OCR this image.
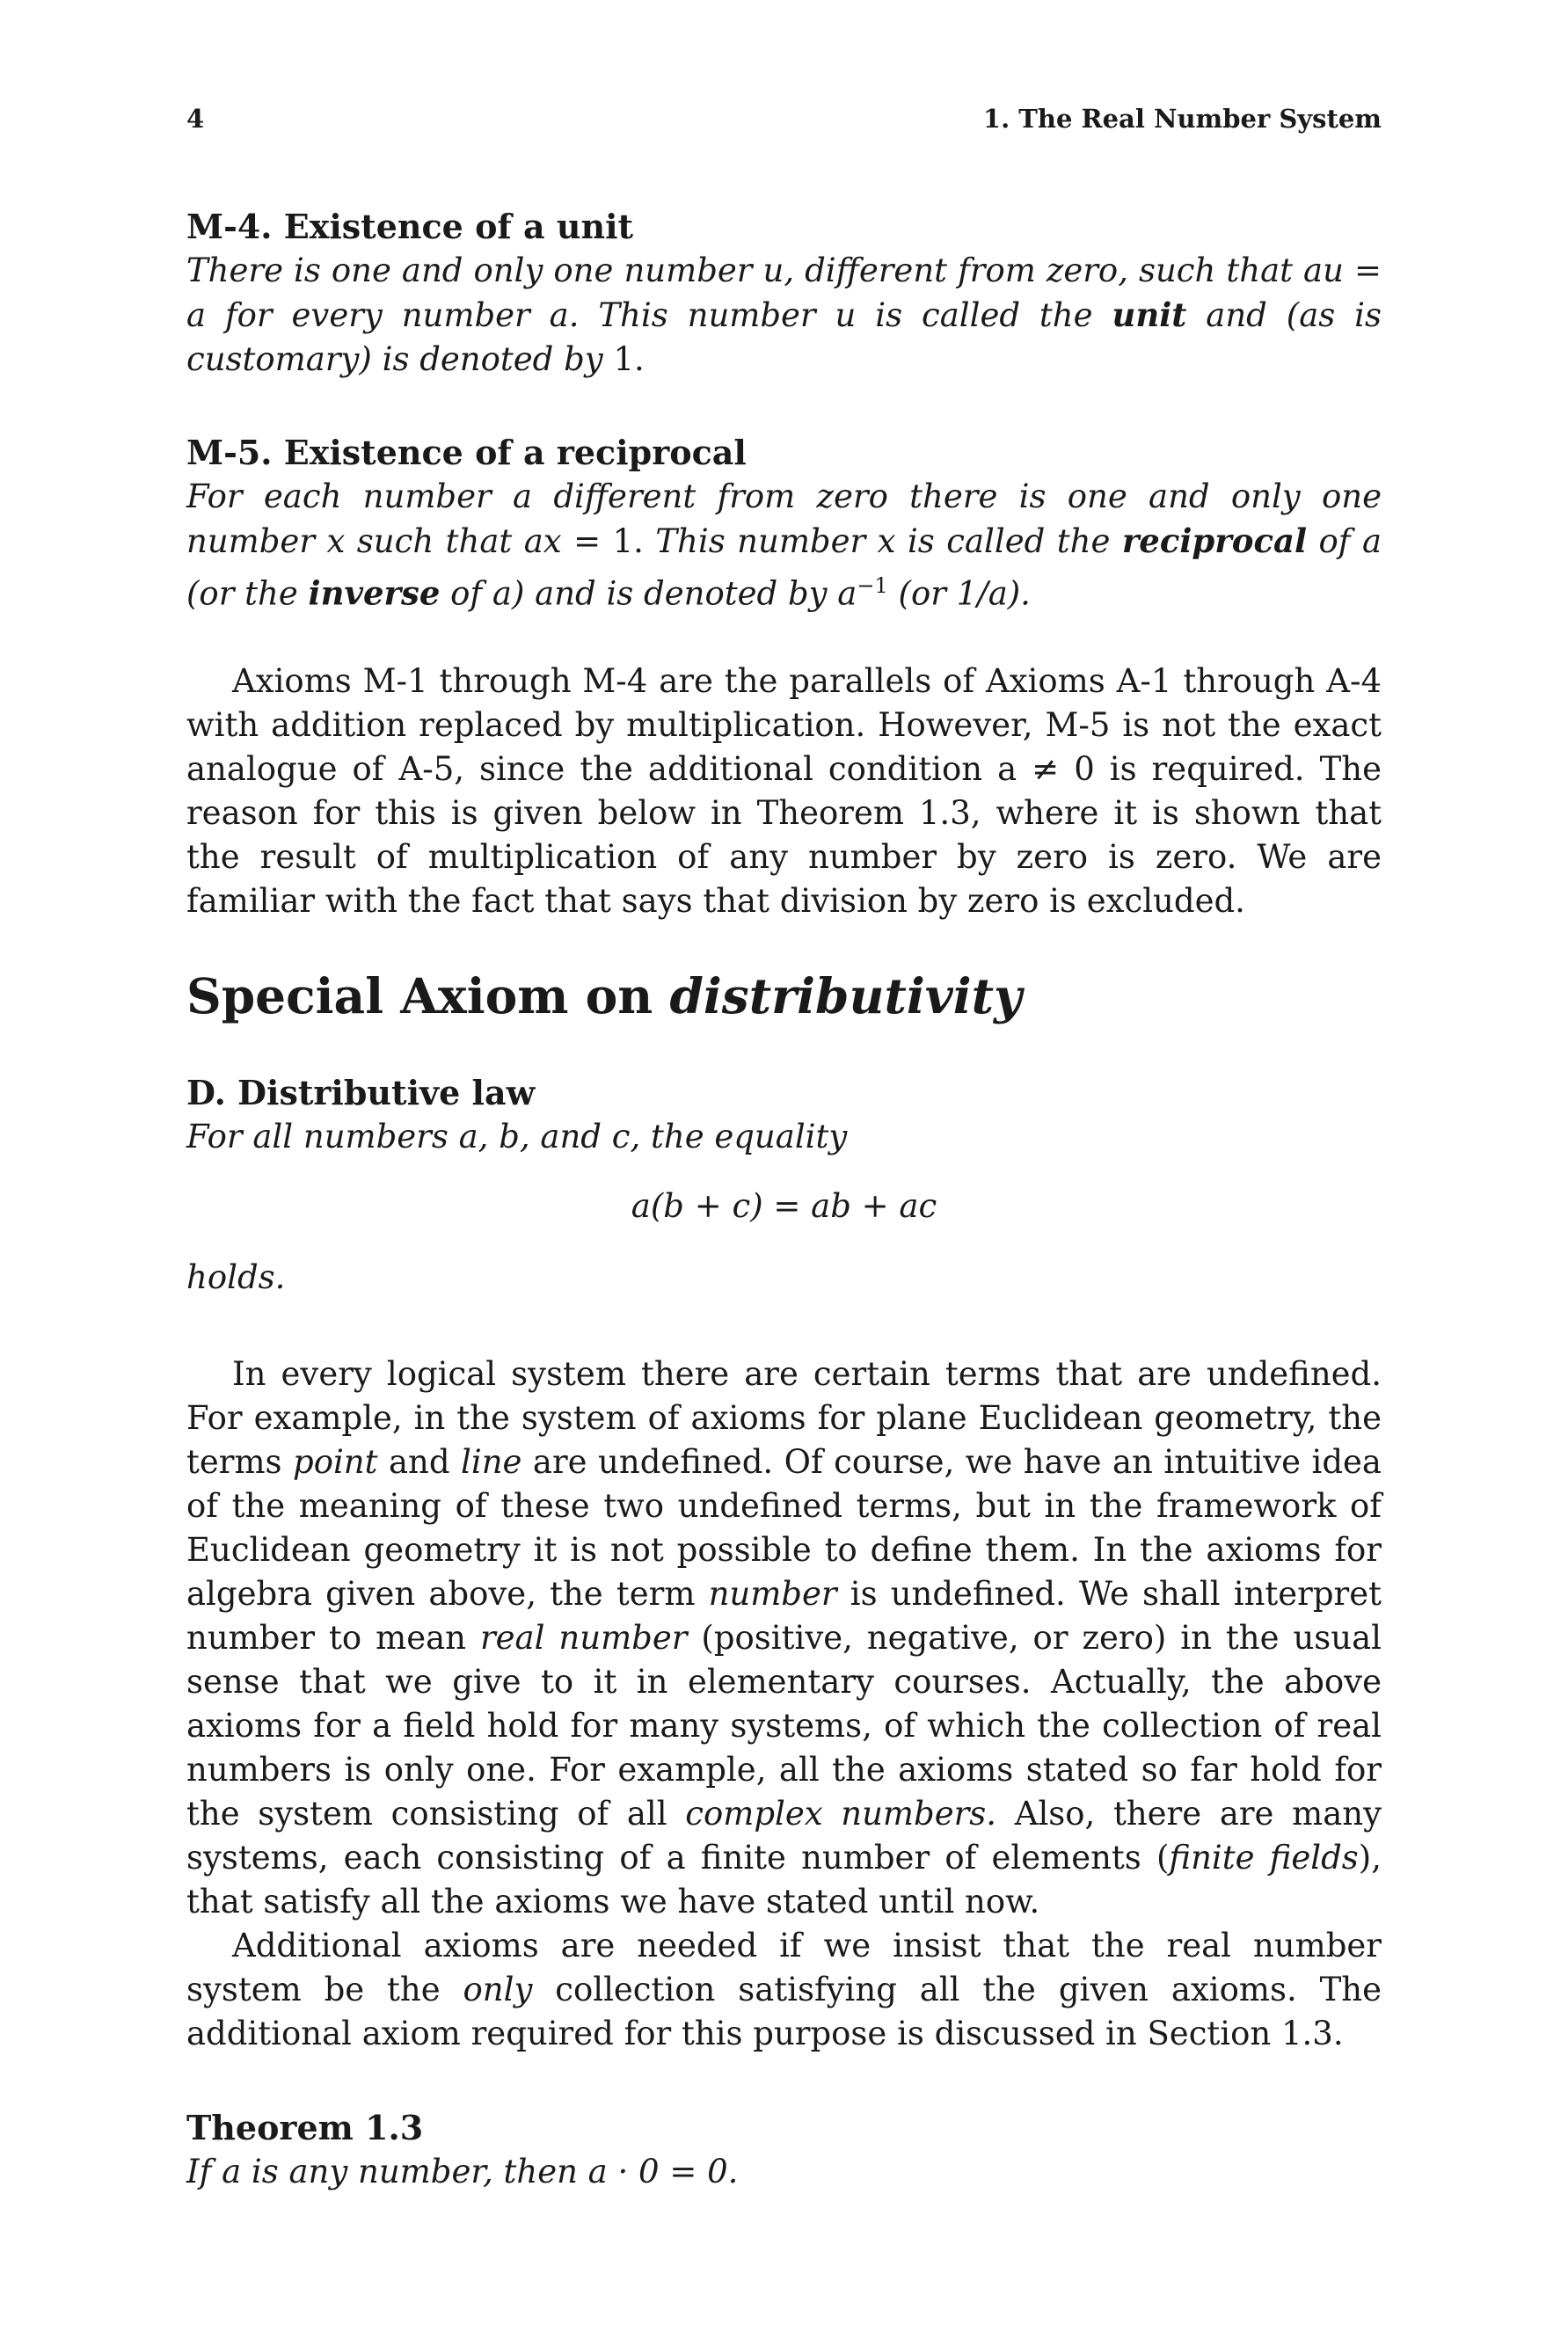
4	1. The Real Number System

M-4. Existence of a unit

There is one and only one number u, different from zero, such that au = a for every number a. This number u is called the unit and (as is customary) is denoted by 1.

M-5. Existence of a reciprocal

For each number a different from zero there is one and only one number x such that ax = 1. This number x is called the reciprocal of a (or the inverse of a) and is denoted by $a^{-1}$ (or 1/a).

Axioms M-1 through M-4 are the parallels of Axioms A-1 through A-4 with addition replaced by multiplication. However, M-5 is not the exact analogue of A-5, since the additional condition a ≠ 0 is required. The reason for this is given below in Theorem 1.3, where it is shown that the result of multiplication of any number by zero is zero. We are familiar with the fact that says that division by zero is excluded.

Special Axiom on distributivity

D. Distributive law

For all numbers a, b, and c, the equality

a(b + c) = ab + ac

holds.

In every logical system there are certain terms that are undefined. For example, in the system of axioms for plane Euclidean geometry, the terms point and line are undefined. Of course, we have an intuitive idea of the meaning of these two undefined terms, but in the framework of Euclidean geometry it is not possible to define them. In the axioms for algebra given above, the term number is undefined. We shall interpret number to mean real number (positive, negative, or zero) in the usual sense that we give to it in elementary courses. Actually, the above axioms for a field hold for many systems, of which the collection of real numbers is only one. For example, all the axioms stated so far hold for the system consisting of all complex numbers. Also, there are many systems, each consisting of a finite number of elements (finite fields), that satisfy all the axioms we have stated until now.

Additional axioms are needed if we insist that the real number system be the only collection satisfying all the given axioms. The additional axiom required for this purpose is discussed in Section 1.3.

Theorem 1.3

If a is any number, then a · 0 = 0.
